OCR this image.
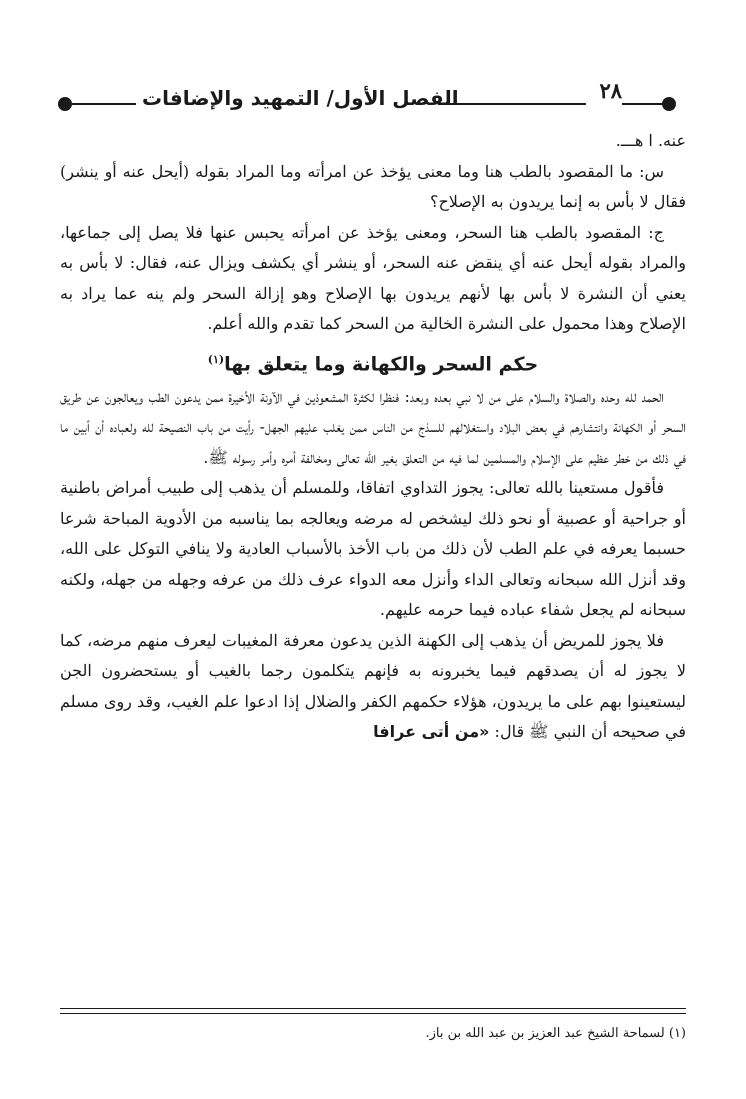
٢٨
الفصل الأول/ التمهيد والإضافات

عنه. ا هـــ.

س: ما المقصود بالطب هنا وما معنى يؤخذ عن امرأته وما المراد بقوله (أيحل عنه أو ينشر) فقال لا بأس به إنما يريدون به الإصلاح؟

ج: المقصود بالطب هنا السحر، ومعنى يؤخذ عن امرأته يحبس عنها فلا يصل إلى جماعها، والمراد بقوله أيحل عنه أي ينقض عنه السحر، أو ينشر أي يكشف ويزال عنه، فقال: لا بأس به يعني أن النشرة لا بأس بها لأنهم يريدون بها الإصلاح وهو إزالة السحر ولم ينه عما يراد به الإصلاح وهذا محمول على النشرة الخالية من السحر كما تقدم والله أعلم.

حكم السحر والكهانة وما يتعلق بها$^{(١)}$

الحمد لله وحده والصلاة والسلام على من لا نبي بعده وبعد: فنظرا لكثرة المشعوذين في الآونة الأخيرة ممن يدعون الطب ويعالجون عن طريق السحر أو الكهانة وانتشارهم في بعض البلاد واستغلالهم للسذج من الناس ممن يغلب عليهم الجهل- رأيت من باب النصيحة لله ولعباده أن أبين ما في ذلك من خطر عظيم على الإسلام والمسلمين لما فيه من التعلق بغير الله تعالى ومخالفة أمره وأمر رسوله ﷺ.

فأقول مستعينا بالله تعالى: يجوز التداوي اتفاقا، وللمسلم أن يذهب إلى طبيب أمراض باطنية أو جراحية أو عصبية أو نحو ذلك ليشخص له مرضه ويعالجه بما يناسبه من الأدوية المباحة شرعا حسبما يعرفه في علم الطب لأن ذلك من باب الأخذ بالأسباب العادية ولا ينافي التوكل على الله، وقد أنزل الله سبحانه وتعالى الداء وأنزل معه الدواء عرف ذلك من عرفه وجهله من جهله، ولكنه سبحانه لم يجعل شفاء عباده فيما حرمه عليهم.

فلا يجوز للمريض أن يذهب إلى الكهنة الذين يدعون معرفة المغيبات ليعرف منهم مرضه، كما لا يجوز له أن يصدقهم فيما يخبرونه به فإنهم يتكلمون رجما بالغيب أو يستحضرون الجن ليستعينوا بهم على ما يريدون، هؤلاء حكمهم الكفر والضلال إذا ادعوا علم الغيب، وقد روى مسلم في صحيحه أن النبي ﷺ قال: «من أتى عرافا

(١) لسماحة الشيخ عبد العزيز بن عبد الله بن باز.
